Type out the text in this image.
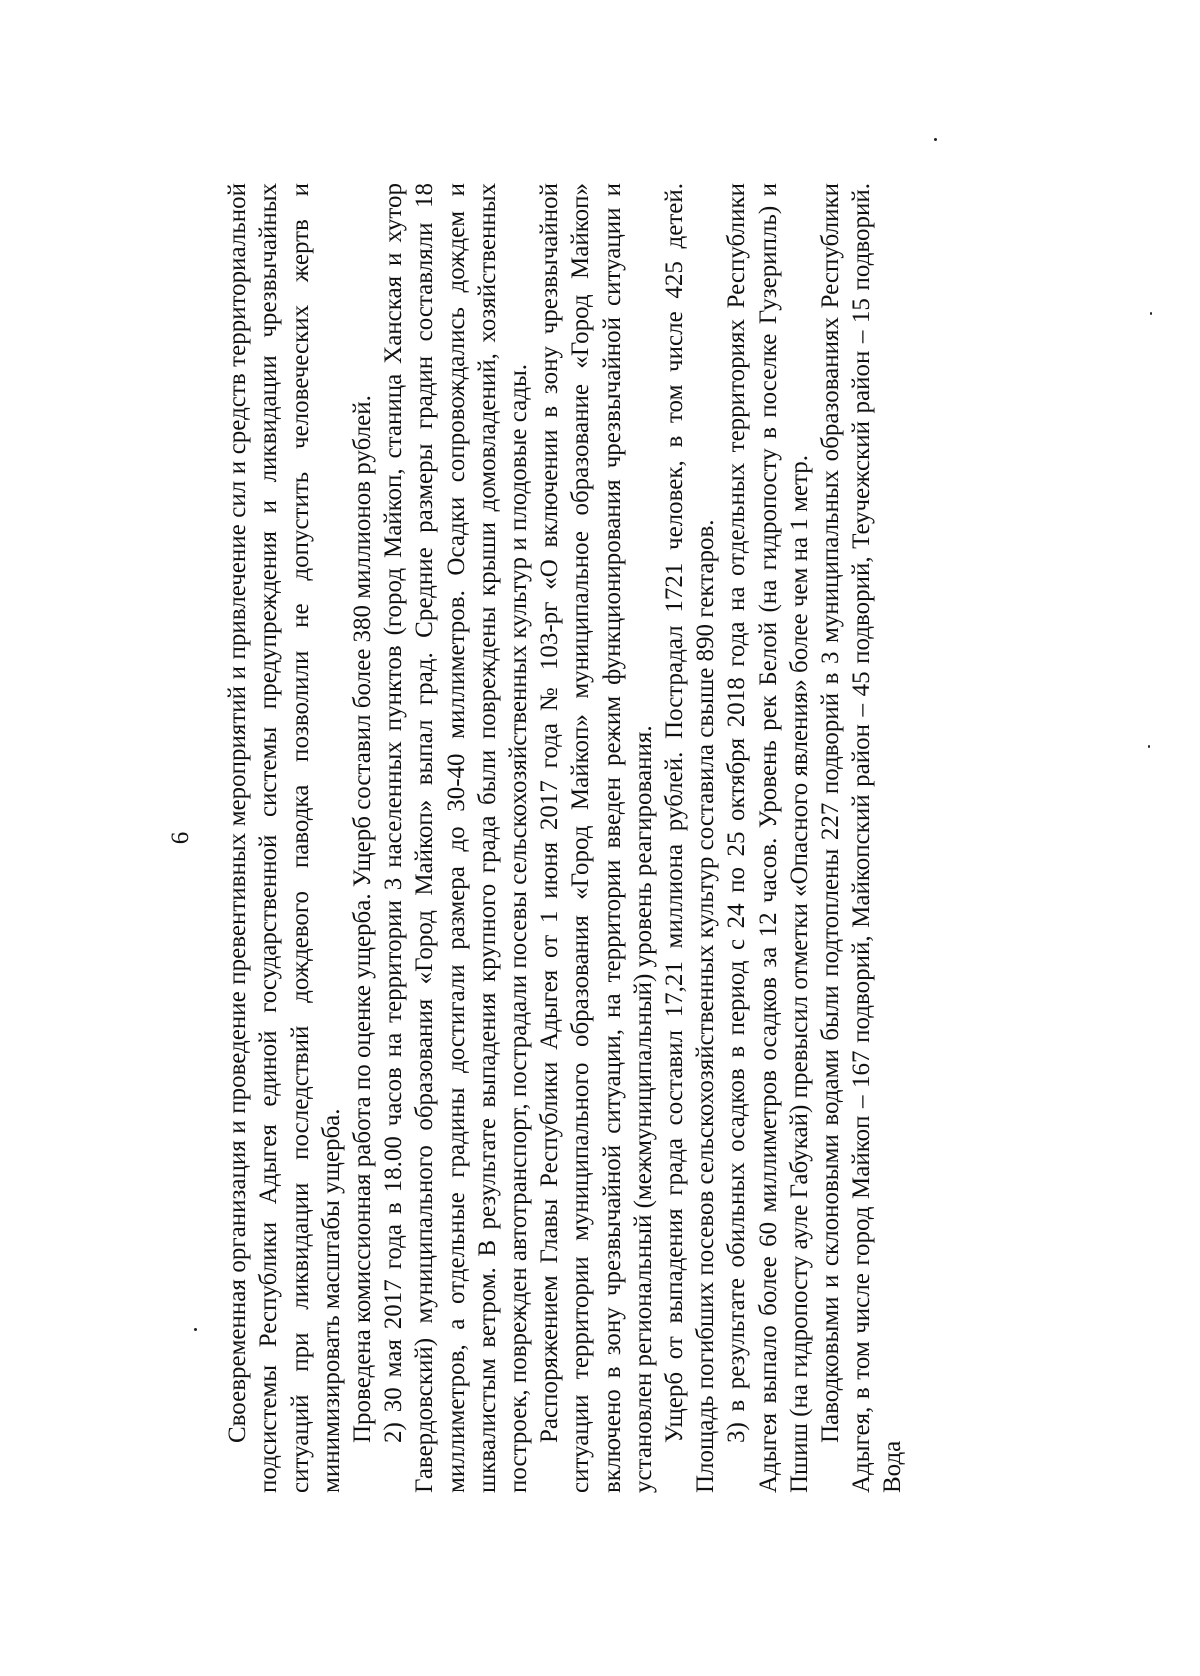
6 Своевременная организация и проведение превентивных мероприятий и привлечение сил и средств территориальной подсистемы Республики Адыгея единой государственной системы предупреждения и ликвидации чрезвычайных ситуаций при ликвидации последствий дождевого паводка позволили не допустить человеческих жертв и минимизировать масштабы ущерба. Проведена комиссионная работа по оценке ущерба. Ущерб составил более 380 миллионов рублей. 2) 30 мая 2017 года в 18.00 часов на территории 3 населенных пунктов (город Майкоп, станица Ханская и хутор Гавердовский) муниципального образования «Город Майкоп» выпал град. Средние размеры градин составляли 18 миллиметров, а отдельные градины достигали размера до 30-40 миллиметров. Осадки сопровождались дождем и шквалистым ветром. В результате выпадения крупного града были повреждены крыши домовладений, хозяйственных построек, поврежден автотранспорт, пострадали посевы сельскохозяйственных культур и плодовые сады. Распоряжением Главы Республики Адыгея от 1 июня 2017 года № 103-рг «О включении в зону чрезвычайной ситуации территории муниципального образования «Город Майкоп» муниципальное образование «Город Майкоп» включено в зону чрезвычайной ситуации, на территории введен режим функционирования чрезвычайной ситуации и установлен региональный (межмуниципальный) уровень реагирования. Ущерб от выпадения града составил 17,21 миллиона рублей. Пострадал 1721 человек, в том числе 425 детей. Площадь погибших посевов сельскохозяйственных культур составила свыше 890 гектаров. 3) в результате обильных осадков в период с 24 по 25 октября 2018 года на отдельных территориях Республики Адыгея выпало более 60 миллиметров осадков за 12 часов. Уровень рек Белой (на гидропосту в поселке Гузерипль) и Пшиш (на гидропосту ауле Габукай) превысил отметки «Опасного явления» более чем на 1 метр. Паводковыми и склоновыми водами были подтоплены 227 подворий в 3 муниципальных образованиях Республики Адыгея, в том числе город Майкоп – 167 подворий, Майкопский район – 45 подворий, Теучежский район – 15 подворий. Вода
